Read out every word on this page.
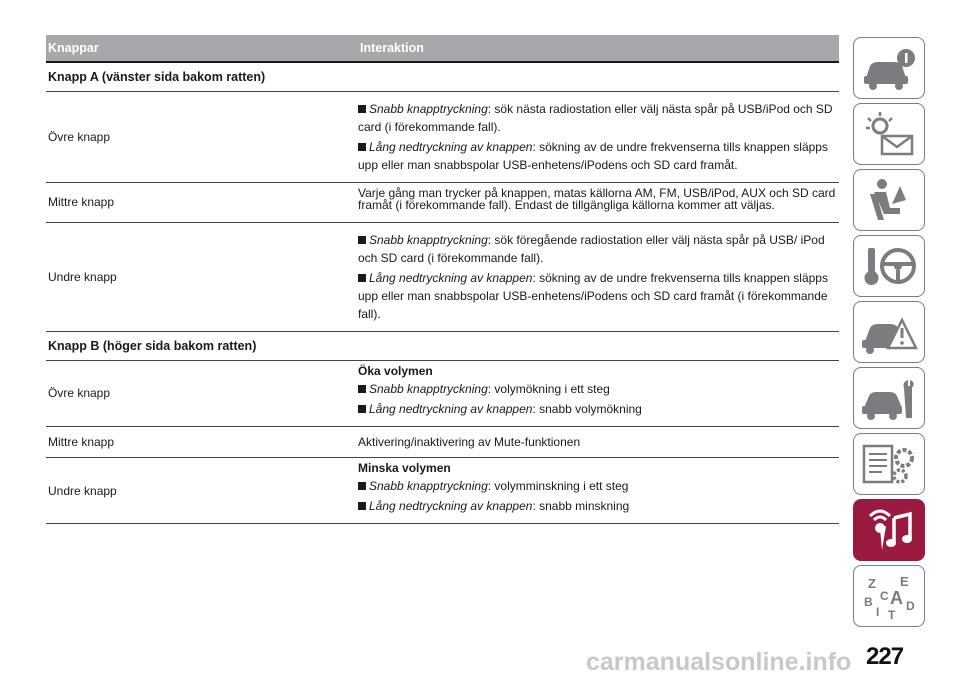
Knappar	Interaktion
Knapp A (vänster sida bakom ratten)
Övre knapp
Snabb knapptryckning: sök nästa radiostation eller välj nästa spår på USB/iPod och SD card (i förekommande fall).
Lång nedtryckning av knappen: sökning av de undre frekvenserna tills knappen släpps upp eller man snabbspolar USB-enhetens/iPodens och SD card framåt.
Mittre knapp
Varje gång man trycker på knappen, matas källorna AM, FM, USB/iPod, AUX och SD card framåt (i förekommande fall). Endast de tillgängliga källorna kommer att väljas.
Undre knapp
Snabb knapptryckning: sök föregående radiostation eller välj nästa spår på USB/ iPod och SD card (i förekommande fall).
Lång nedtryckning av knappen: sökning av de undre frekvenserna tills knappen släpps upp eller man snabbspolar USB-enhetens/iPodens och SD card framåt (i förekommande fall).
Knapp B (höger sida bakom ratten)
Övre knapp
Öka volymen
Snabb knapptryckning: volymökning i ett steg
Lång nedtryckning av knappen: snabb volymökning
Mittre knapp	Aktivering/inaktivering av Mute-funktionen
Undre knapp
Minska volymen
Snabb knapptryckning: volymminskning i ett steg
Lång nedtryckning av knappen: snabb minskning
Z E
A
B C
D
I T
carmanualsonline.info 227
